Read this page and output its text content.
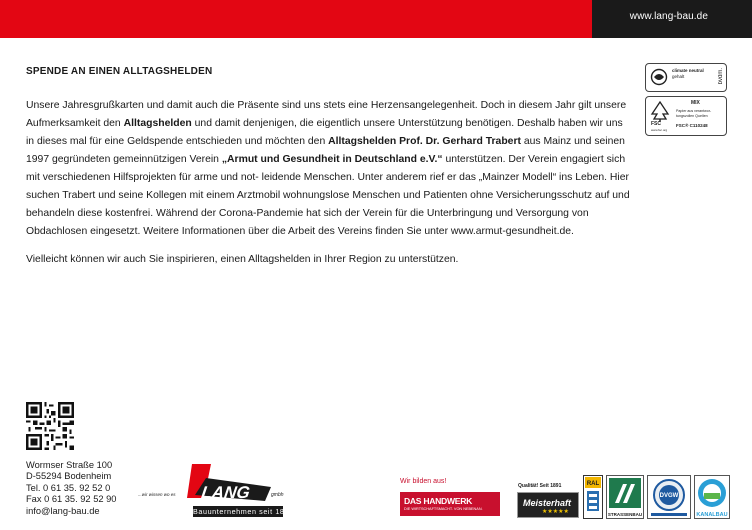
www.lang-bau.de
SPENDE AN EINEN ALLTAGSHELDEN

Unsere Jahresgrußkarten und damit auch die Präsente sind uns stets eine Herzensangelegenheit. Doch in diesem Jahr gilt unsere Aufmerksamkeit den Alltagshelden und damit denjenigen, die eigentlich unsere Unterstützung benötigen. Deshalb haben wir uns in dieses mal für eine Geldspende entschieden und möchten den Alltagshelden Prof. Dr. Gerhard Trabert aus Mainz und seinen 1997 gegründeten gemeinnützigen Verein „Armut und Gesundheit in Deutschland e.V.“ unterstützen. Der Verein engagiert sich mit verschiedenen Hilfsprojekten für arme und not- leidende Menschen. Unter anderem rief er das „Mainzer Modell“ ins Leben. Hier suchen Trabert und seine Kollegen mit einem Arztmobil wohnungslose Menschen und Patienten ohne Versicherungsschutz auf und behandeln diese kostenfrei. Während der Corona-Pandemie hat sich der Verein für die Unterbringung und Versorgung von Obdachlosen eingesetzt. Weitere Informationen über die Arbeit des Vereins finden Sie unter www.armut-gesundheit.de.

Vielleicht können wir auch Sie inspirieren, einen Alltagshelden in Ihrer Region zu unterstützen.

climate neutral
gehalt	bvdm.
FSC
www.fsc.org
MIX
Papier aus verantwor-
tungsvollen Quellen
FSC® C110248
Wormser Straße 100
D-55294 Bodenheim
Tel. 0 61 35. 92 52 0
Fax 0 61 35. 92 52 90
info@lang-bau.de
LANG
...wir wissen wo es	gmbh
Bauunternehmen seit 1891
Wir bilden aus!
DAS HANDWERK
DIE WIRTSCHAFTSMACHT. VON NEBENAN.
Qualität! Seit 1891
Meisterhaft
★★★★★
RAL
STRASSENBAU
DVGW
KANALBAU
